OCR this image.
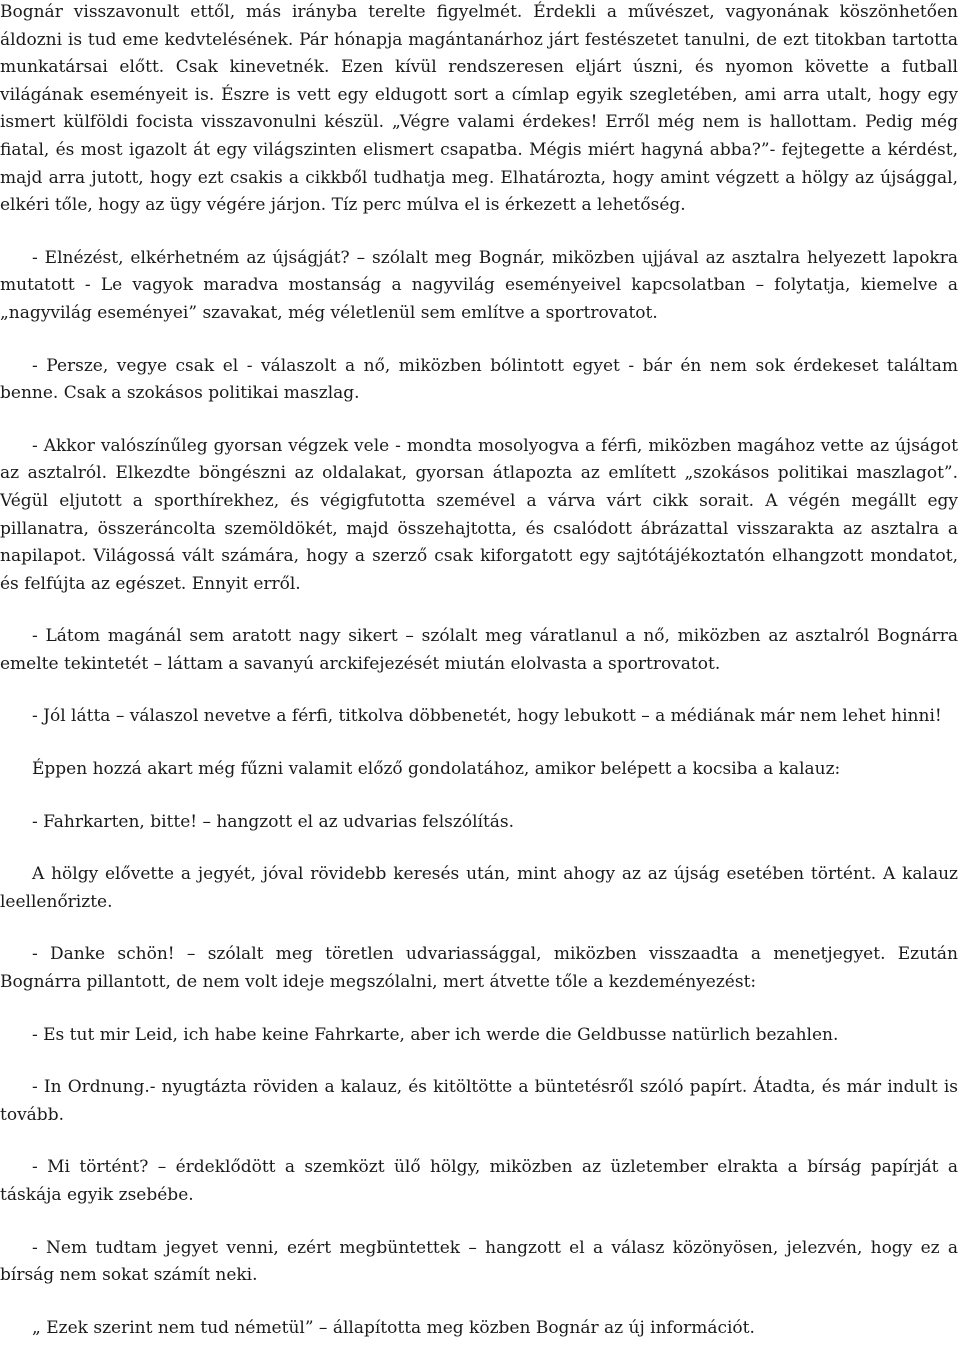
Bognár visszavonult ettől, más irányba terelte figyelmét. Érdekli a művészet, vagyonának köszönhetően áldozni is tud eme kedvtelésének. Pár hónapja magántanárhoz járt festészetet tanulni, de ezt titokban tartotta munkatársai előtt. Csak kinevetnék. Ezen kívül rendszeresen eljárt úszni, és nyomon követte a futball világának eseményeit is. Észre is vett egy eldugott sort a címlap egyik szegletében, ami arra utalt, hogy egy ismert külföldi focista visszavonulni készül. „Végre valami érdekes! Erről még nem is hallottam. Pedig még fiatal, és most igazolt át egy világszinten elismert csapatba. Mégis miért hagyná abba?”- fejtegette a kérdést, majd arra jutott, hogy ezt csakis a cikkből tudhatja meg. Elhatározta, hogy amint végzett a hölgy az újsággal, elkéri tőle, hogy az ügy végére járjon. Tíz perc múlva el is érkezett a lehetőség.

- Elnézést, elkérhetném az újságját? – szólalt meg Bognár, miközben ujjával az asztalra helyezett lapokra mutatott - Le vagyok maradva mostanság a nagyvilág eseményeivel kapcsolatban – folytatja, kiemelve a „nagyvilág eseményei” szavakat, még véletlenül sem említve a sportrovatot.

- Persze, vegye csak el - válaszolt a nő, miközben bólintott egyet - bár én nem sok érdekeset találtam benne. Csak a szokásos politikai maszlag.

- Akkor valószínűleg gyorsan végzek vele - mondta mosolyogva a férfi, miközben magához vette az újságot az asztalról. Elkezdte böngészni az oldalakat, gyorsan átlapozta az említett „szokásos politikai maszlagot”. Végül eljutott a sporthírekhez, és végigfutotta szemével a várva várt cikk sorait. A végén megállt egy pillanatra, összeráncolta szemöldökét, majd összehajtotta, és csalódott ábrázattal visszarakta az asztalra a napilapot. Világossá vált számára, hogy a szerző csak kiforgatott egy sajtótájékoztatón elhangzott mondatot, és felfújta az egészet. Ennyit erről.

- Látom magánál sem aratott nagy sikert – szólalt meg váratlanul a nő, miközben az asztalról Bognárra emelte tekintetét – láttam a savanyú arckifejezését miután elolvasta a sportrovatot.

- Jól látta – válaszol nevetve a férfi, titkolva döbbenetét, hogy lebukott – a médiának már nem lehet hinni!

Éppen hozzá akart még fűzni valamit előző gondolatához, amikor belépett a kocsiba a kalauz:

- Fahrkarten, bitte! – hangzott el az udvarias felszólítás.

A hölgy elővette a jegyét, jóval rövidebb keresés után, mint ahogy az az újság esetében történt. A kalauz leellenőrizte.

- Danke schön! – szólalt meg töretlen udvariassággal, miközben visszaadta a menetjegyet. Ezután Bognárra pillantott, de nem volt ideje megszólalni, mert átvette tőle a kezdeményezést:

- Es tut mir Leid, ich habe keine Fahrkarte, aber ich werde die Geldbusse natürlich bezahlen.

- In Ordnung.- nyugtázta röviden a kalauz, és kitöltötte a büntetésről szóló papírt. Átadta, és már indult is tovább.

- Mi történt? – érdeklődött a szemközt ülő hölgy, miközben az üzletember elrakta a bírság papírját a táskája egyik zsebébe.

- Nem tudtam jegyet venni, ezért megbüntettek – hangzott el a válasz közönyösen, jelezvén, hogy ez a bírság nem sokat számít neki.

„ Ezek szerint nem tud németül” – állapította meg közben Bognár az új információt.
